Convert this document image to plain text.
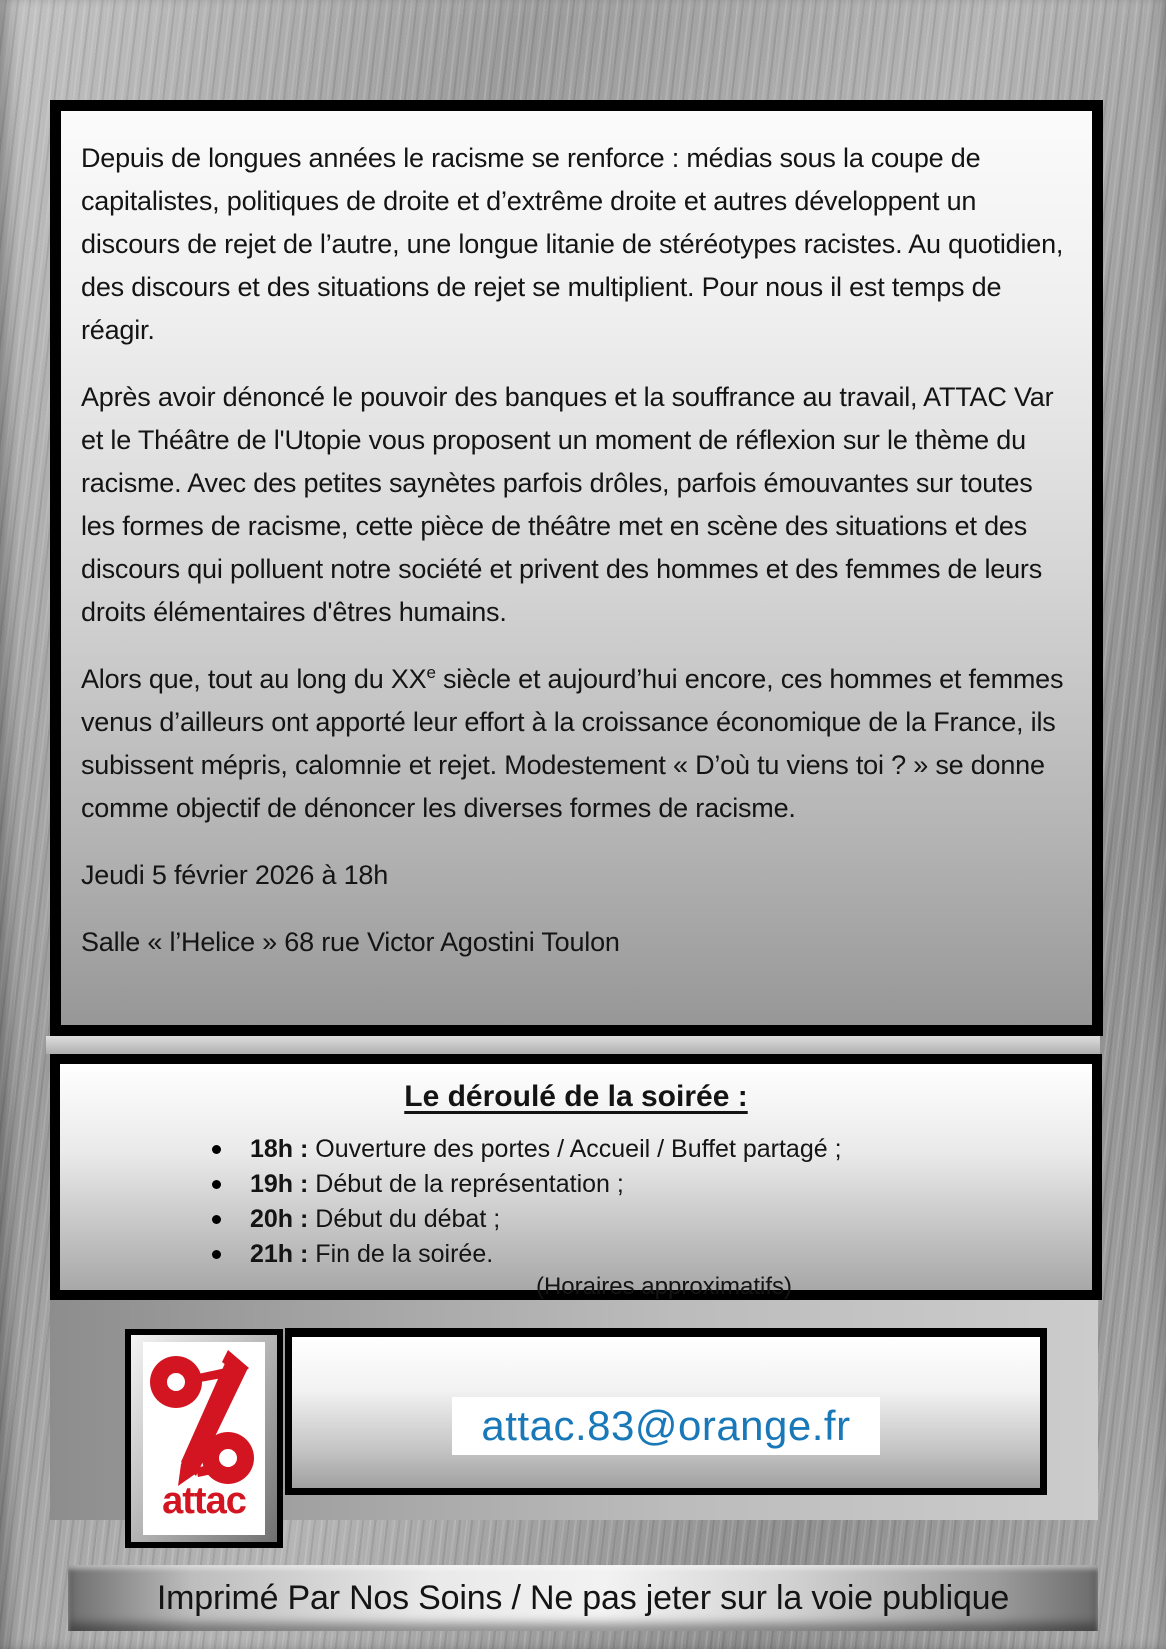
Depuis de longues années le racisme se renforce : médias sous la coupe de capitalistes, politiques de droite et d’extrême droite et autres développent un discours de rejet de l’autre, une longue litanie de stéréotypes racistes. Au quotidien, des discours et des situations de rejet se multiplient. Pour nous il est temps de réagir.

Après avoir dénoncé le pouvoir des banques et la souffrance au travail, ATTAC Var et le Théâtre de l'Utopie vous proposent un moment de réflexion sur le thème du racisme. Avec des petites saynètes parfois drôles, parfois émouvantes sur toutes les formes de racisme, cette pièce de théâtre met en scène des situations et des discours qui polluent notre société et privent des hommes et des femmes de leurs droits élémentaires d'êtres humains.

Alors que, tout au long du XXe siècle et aujourd’hui encore, ces hommes et femmes venus d’ailleurs ont apporté leur effort à la croissance économique de la France, ils subissent mépris, calomnie et rejet. Modestement « D’où tu viens toi ? » se donne comme objectif de dénoncer les diverses formes de racisme.

Jeudi 5 février 2026 à 18h

Salle « l’Helice » 68 rue Victor Agostini Toulon

Le déroulé de la soirée :
18h : Ouverture des portes / Accueil / Buffet partagé ;
19h : Début de la représentation ;
20h : Début du débat ;
21h : Fin de la soirée.
(Horaires approximatifs)
attac
attac.83@orange.fr
Imprimé Par Nos Soins / Ne pas jeter sur la voie publique
